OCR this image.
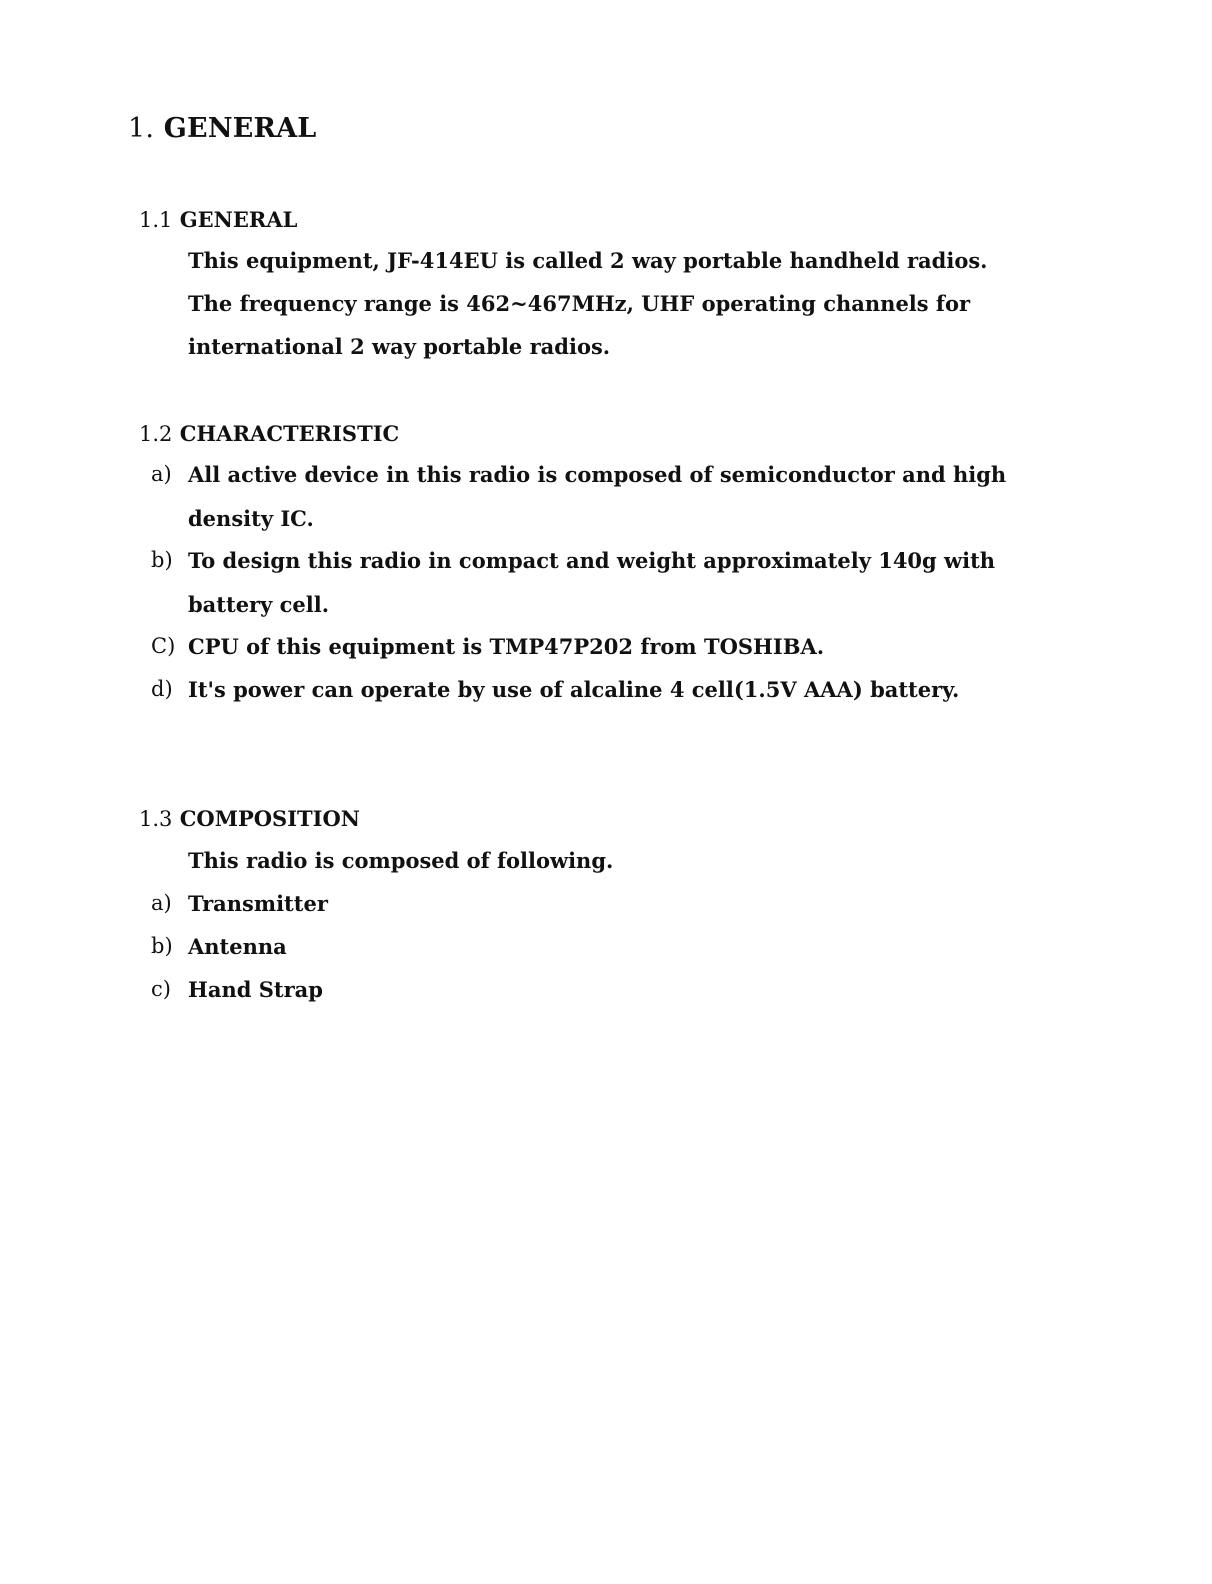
1. GENERAL
1.1 GENERAL

This equipment, JF-414EU is called 2 way portable handheld radios.

The frequency range is 462~467MHz, UHF operating channels for

international 2 way portable radios.

1.2 CHARACTERISTIC
a) All active device in this radio is composed of semiconductor and high

density IC.

b) To design this radio in compact and weight approximately 140g with

battery cell.

C) CPU of this equipment is TMP47P202 from TOSHIBA.

d) It's power can operate by use of alcaline 4 cell(1.5V AAA) battery.

1.3 COMPOSITION

This radio is composed of following.

a) Transmitter

b) Antenna

c) Hand Strap
